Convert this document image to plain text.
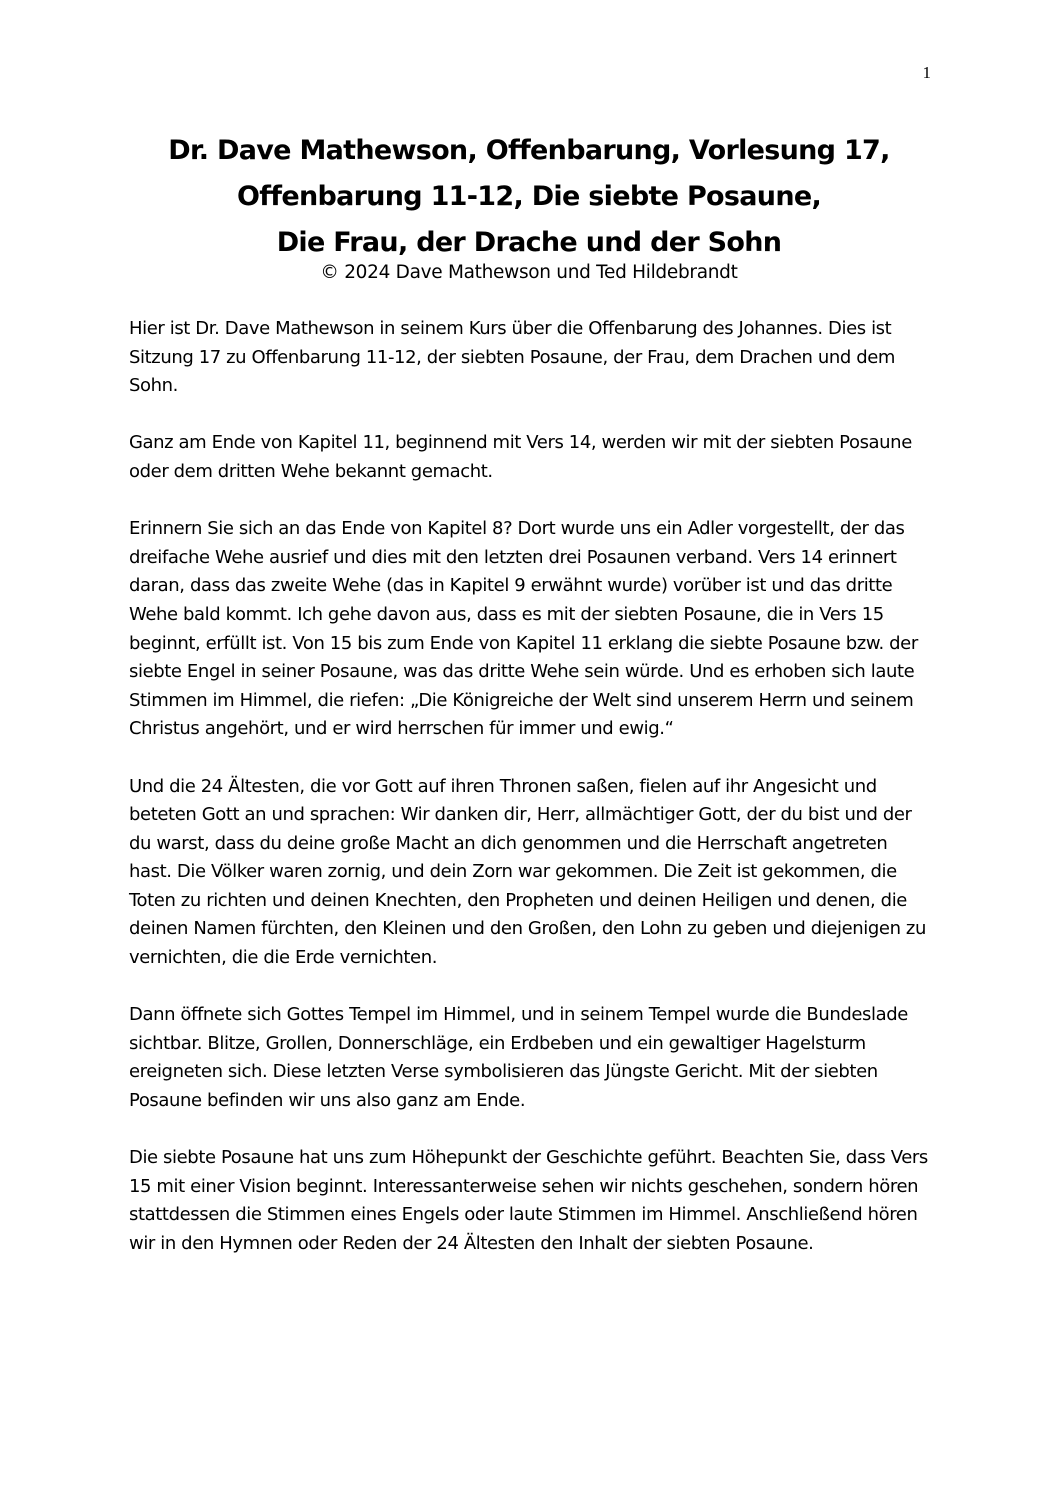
1
Dr. Dave Mathewson, Offenbarung, Vorlesung 17,
Offenbarung 11-12, Die siebte Posaune,
Die Frau, der Drache und der Sohn
© 2024 Dave Mathewson und Ted Hildebrandt

Hier ist Dr. Dave Mathewson in seinem Kurs über die Offenbarung des Johannes. Dies ist Sitzung 17 zu Offenbarung 11-12, der siebten Posaune, der Frau, dem Drachen und dem Sohn.

Ganz am Ende von Kapitel 11, beginnend mit Vers 14, werden wir mit der siebten Posaune oder dem dritten Wehe bekannt gemacht.

Erinnern Sie sich an das Ende von Kapitel 8? Dort wurde uns ein Adler vorgestellt, der das dreifache Wehe ausrief und dies mit den letzten drei Posaunen verband. Vers 14 erinnert daran, dass das zweite Wehe (das in Kapitel 9 erwähnt wurde) vorüber ist und das dritte Wehe bald kommt. Ich gehe davon aus, dass es mit der siebten Posaune, die in Vers 15 beginnt, erfüllt ist. Von 15 bis zum Ende von Kapitel 11 erklang die siebte Posaune bzw. der siebte Engel in seiner Posaune, was das dritte Wehe sein würde. Und es erhoben sich laute Stimmen im Himmel, die riefen: „Die Königreiche der Welt sind unserem Herrn und seinem Christus angehört, und er wird herrschen für immer und ewig.“

Und die 24 Ältesten, die vor Gott auf ihren Thronen saßen, fielen auf ihr Angesicht und beteten Gott an und sprachen: Wir danken dir, Herr, allmächtiger Gott, der du bist und der du warst, dass du deine große Macht an dich genommen und die Herrschaft angetreten hast. Die Völker waren zornig, und dein Zorn war gekommen. Die Zeit ist gekommen, die Toten zu richten und deinen Knechten, den Propheten und deinen Heiligen und denen, die deinen Namen fürchten, den Kleinen und den Großen, den Lohn zu geben und diejenigen zu vernichten, die die Erde vernichten.

Dann öffnete sich Gottes Tempel im Himmel, und in seinem Tempel wurde die Bundeslade sichtbar. Blitze, Grollen, Donnerschläge, ein Erdbeben und ein gewaltiger Hagelsturm ereigneten sich. Diese letzten Verse symbolisieren das Jüngste Gericht. Mit der siebten Posaune befinden wir uns also ganz am Ende.

Die siebte Posaune hat uns zum Höhepunkt der Geschichte geführt. Beachten Sie, dass Vers 15 mit einer Vision beginnt. Interessanterweise sehen wir nichts geschehen, sondern hören stattdessen die Stimmen eines Engels oder laute Stimmen im Himmel. Anschließend hören wir in den Hymnen oder Reden der 24 Ältesten den Inhalt der siebten Posaune.
